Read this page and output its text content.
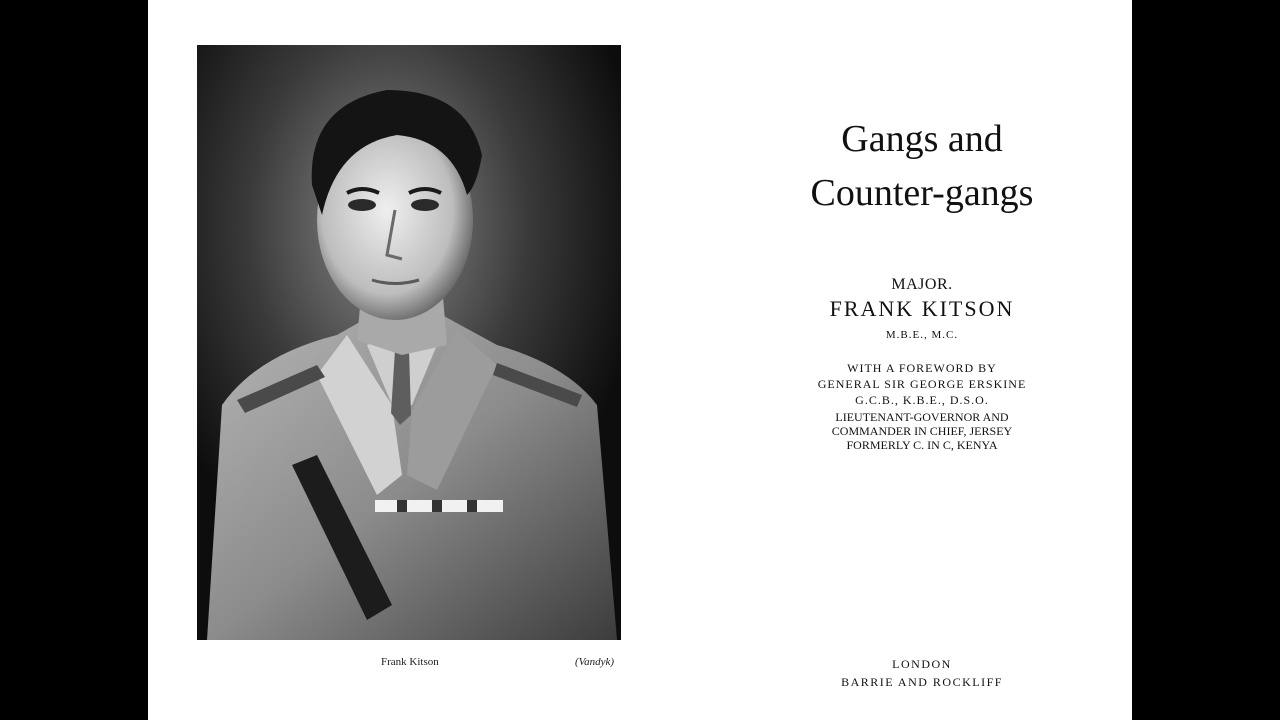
Frank Kitson	(Vandyk)
Gangs and
Counter-gangs
MAJOR.
FRANK KITSON
M.B.E., M.C.
WITH A FOREWORD BY
GENERAL SIR GEORGE ERSKINE
G.C.B., K.B.E., D.S.O.
LIEUTENANT-GOVERNOR AND
COMMANDER IN CHIEF, JERSEY
FORMERLY C. IN C, KENYA
LONDON
BARRIE AND ROCKLIFF
